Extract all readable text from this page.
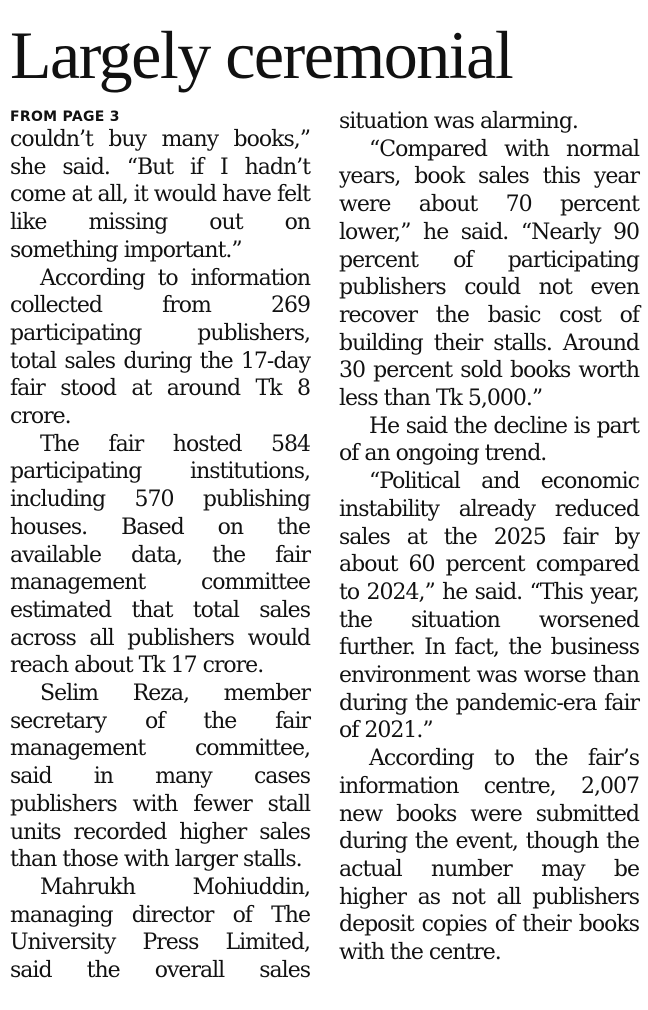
Largely ceremonial
FROM PAGE 3

couldn’t buy many books,” she said. “But if I hadn’t come at all, it would have felt like missing out on something important.”

According to information collected from 269 participating publishers, total sales during the 17-day fair stood at around Tk 8 crore.

The fair hosted 584 participating institutions, including 570 publishing houses. Based on the available data, the fair management committee estimated that total sales across all publishers would reach about Tk 17 crore.

Selim Reza, member secretary of the fair management committee, said in many cases publishers with fewer stall units recorded higher sales than those with larger stalls.

Mahrukh Mohiuddin, managing director of The University Press Limited, said the overall sales

situation was alarming.

“Compared with normal years, book sales this year were about 70 percent lower,” he said. “Nearly 90 percent of participating publishers could not even recover the basic cost of building their stalls. Around 30 percent sold books worth less than Tk 5,000.”

He said the decline is part of an ongoing trend.

“Political and economic instability already reduced sales at the 2025 fair by about 60 percent compared to 2024,” he said. “This year, the situation worsened further. In fact, the business environment was worse than during the pandemic-era fair of 2021.”

According to the fair’s information centre, 2,007 new books were submitted during the event, though the actual number may be higher as not all publishers deposit copies of their books with the centre.
